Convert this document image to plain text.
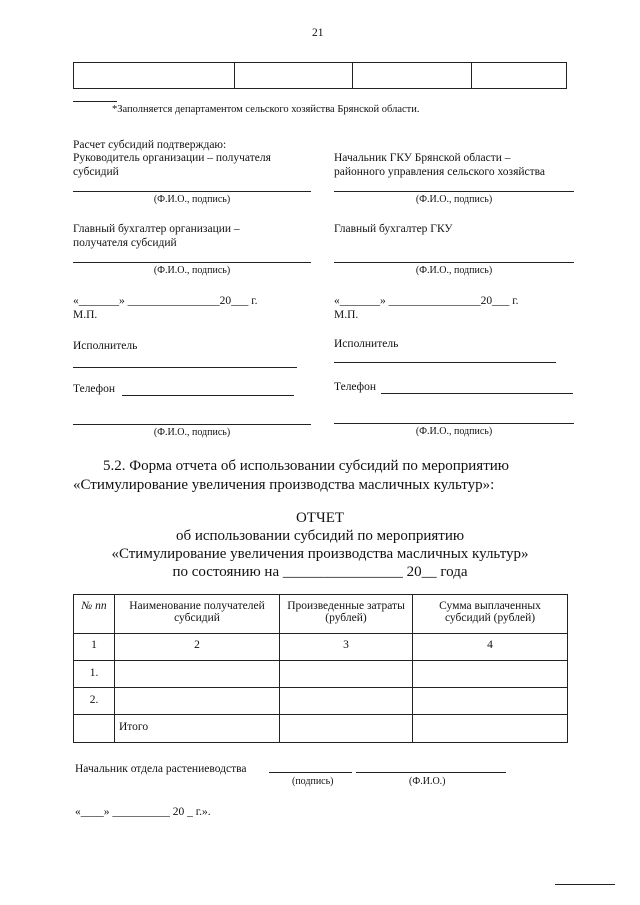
21

*Заполняется департаментом сельского хозяйства Брянской области.
Расчет субсидий подтверждаю:
Руководитель организации – получателя
субсидий
(Ф.И.О., подпись)
Главный бухгалтер организации –
получателя субсидий
(Ф.И.О., подпись)
«_______» ________________20___ г.
М.П.
Исполнитель
Телефон
(Ф.И.О., подпись)
Начальник ГКУ Брянской области –
районного управления сельского хозяйства
(Ф.И.О., подпись)
Главный бухгалтер ГКУ
(Ф.И.О., подпись)
«_______» ________________20___ г.
М.П.
Исполнитель
Телефон
(Ф.И.О., подпись)
5.2. Форма отчета об использовании субсидий по мероприятию
«Стимулирование увеличения производства масличных культур»:
ОТЧЕТ
об использовании субсидий по мероприятию
«Стимулирование увеличения производства масличных культур»
по состоянию на ________________ 20__ года
№ пп	Наименование получателей субсидий	Произведенные затраты (рублей)	Сумма выплаченных субсидий (рублей)
1	2	3	4
1.			
2.			
	Итого		
Начальник отдела растениеводства
(подпись)	(Ф.И.О.)
«____» __________ 20 _ г.».
